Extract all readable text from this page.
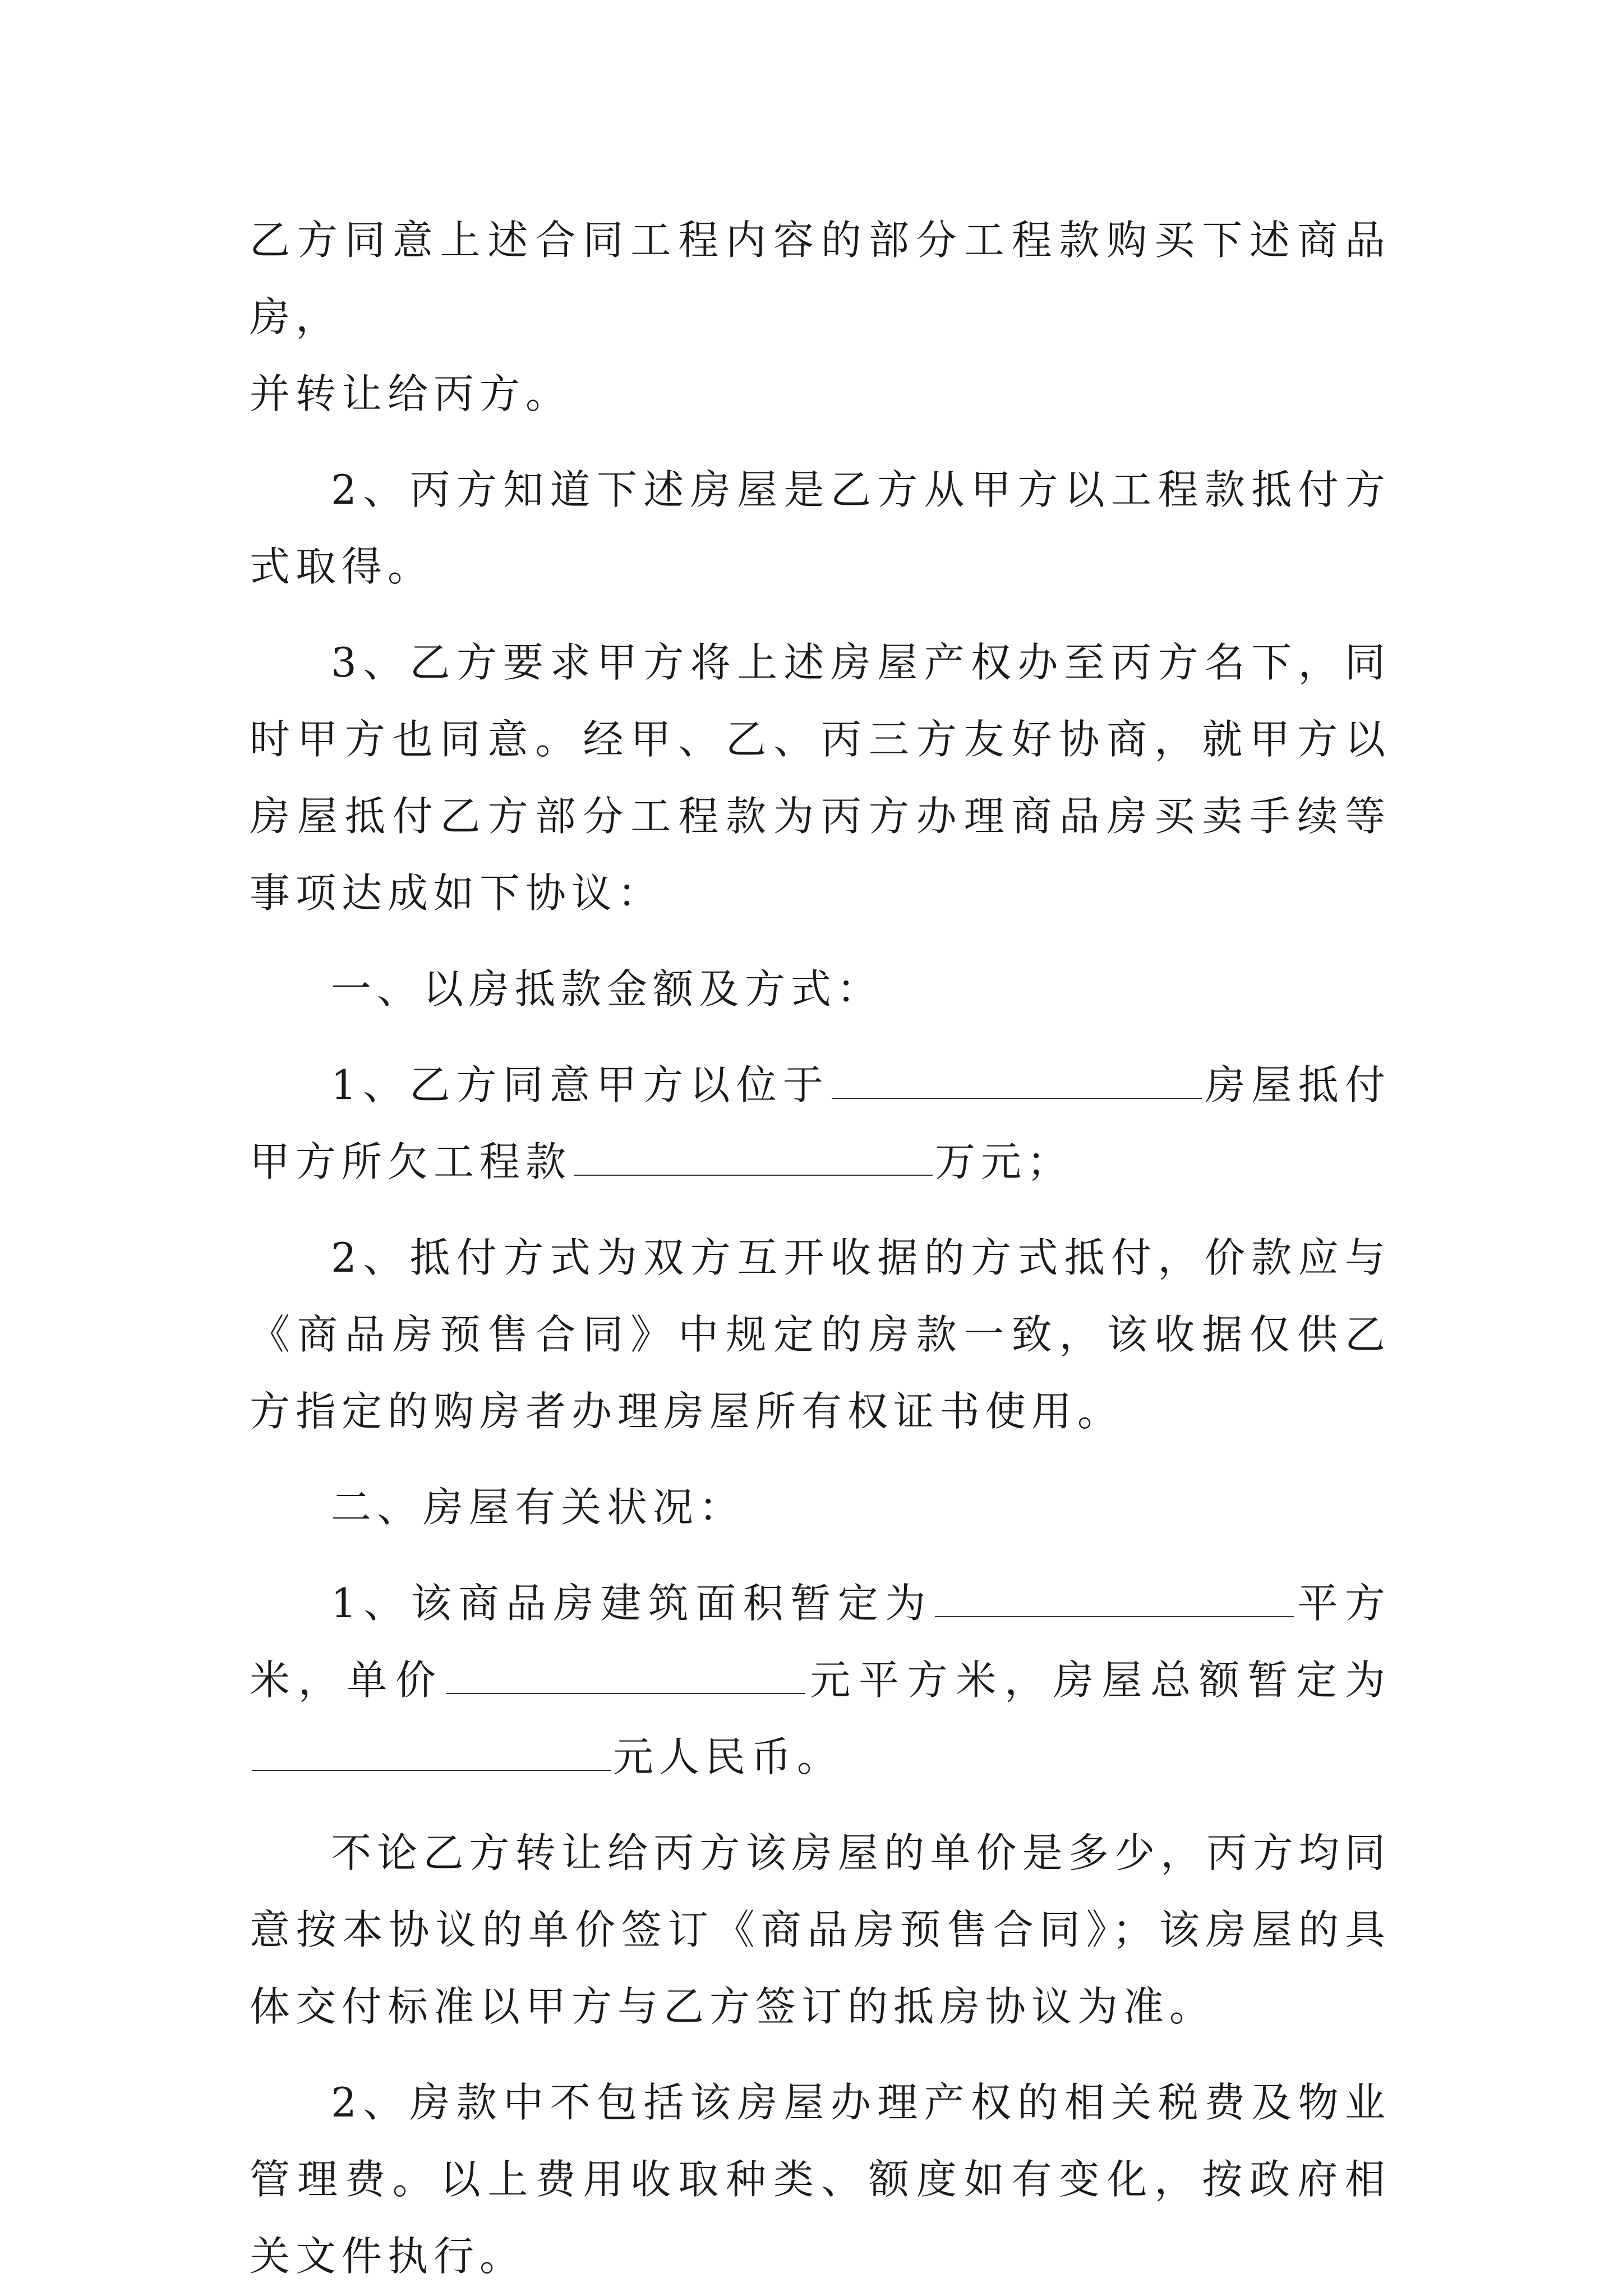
乙方同意上述合同工程内容的部分工程款购买下述商品房，
并转让给丙方。

2、丙方知道下述房屋是乙方从甲方以工程款抵付方式取得。

3、乙方要求甲方将上述房屋产权办至丙方名下，同时甲方也同意。经甲、乙、丙三方友好协商，就甲方以房屋抵付乙方部分工程款为丙方办理商品房买卖手续等事项达成如下协议：

一、以房抵款金额及方式：

1、乙方同意甲方以位于	房屋抵付甲方所欠工程款	万元；

2、抵付方式为双方互开收据的方式抵付，价款应与《商品房预售合同》中规定的房款一致，该收据仅供乙方指定的购房者办理房屋所有权证书使用。

二、房屋有关状况：

1、该商品房建筑面积暂定为	平方米，单价	元平方米，房屋总额暂定为元人民币。

不论乙方转让给丙方该房屋的单价是多少，丙方均同意按本协议的单价签订《商品房预售合同》；该房屋的具体交付标准以甲方与乙方签订的抵房协议为准。

2、房款中不包括该房屋办理产权的相关税费及物业管理费。以上费用收取种类、额度如有变化，按政府相关文件执行。
